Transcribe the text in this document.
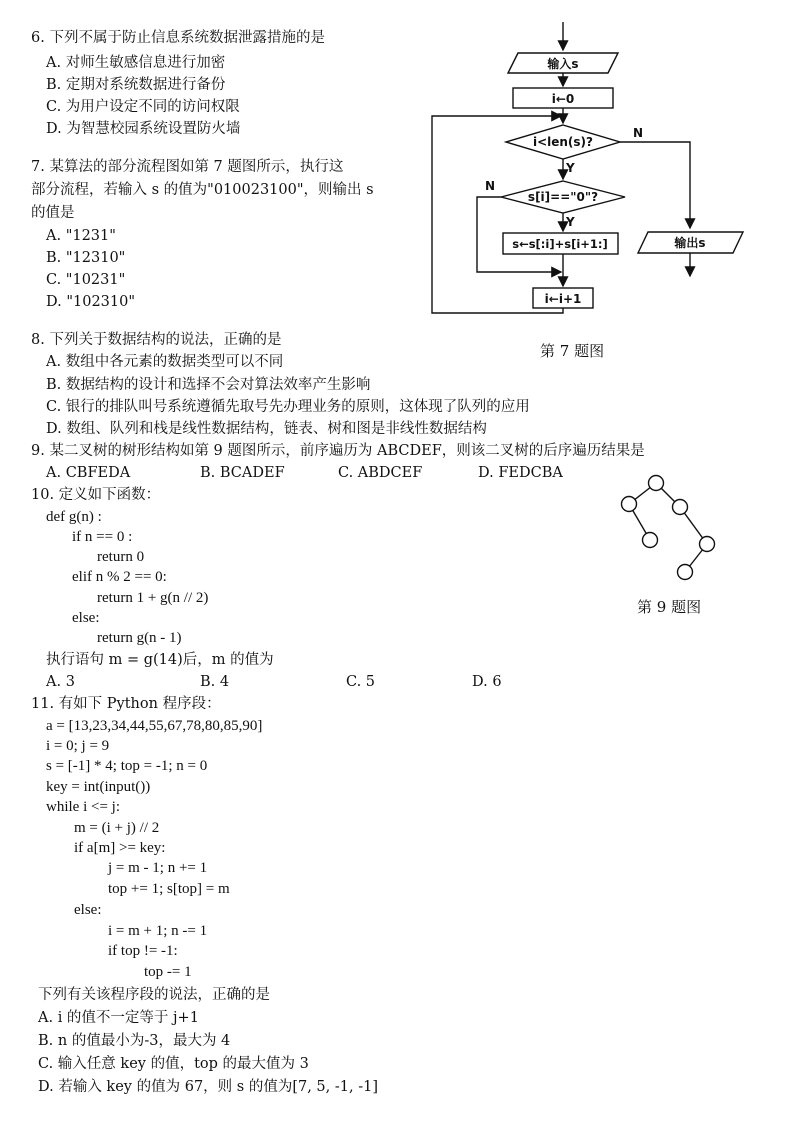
6. 下列不属于防止信息系统数据泄露措施的是
A. 对师生敏感信息进行加密
B. 定期对系统数据进行备份
C. 为用户设定不同的访问权限
D. 为智慧校园系统设置防火墙
7. 某算法的部分流程图如第 7 题图所示，执行这
部分流程，若输入 s 的值为"010023100"，则输出 s
的值是
A. "1231"
B. "12310"
C. "10231"
D. "102310"
输入s
i←0
i<len(s)?
s[i]=="0"?
s←s[:i]+s[i+1:]
i←i+1
输出s
Y
Y
N
N
第 7 题图
8. 下列关于数据结构的说法，正确的是
A. 数组中各元素的数据类型可以不同
B. 数据结构的设计和选择不会对算法效率产生影响
C. 银行的排队叫号系统遵循先取号先办理业务的原则，这体现了队列的应用
D. 数组、队列和栈是线性数据结构，链表、树和图是非线性数据结构
9. 某二叉树的树形结构如第 9 题图所示，前序遍历为 ABCDEF，则该二叉树的后序遍历结果是
A. CBFEDA	B. BCADEF	C. ABDCEF	D. FEDCBA
第 9 题图
10. 定义如下函数：
def g(n) :
if n == 0 :
return 0
elif n % 2 == 0:
return 1 + g(n // 2)
else:
return g(n - 1)
执行语句 m = g(14)后，m 的值为
A. 3	B. 4	C. 5	D. 6
11. 有如下 Python 程序段：
a = [13,23,34,44,55,67,78,80,85,90]
i = 0; j = 9
s = [-1] * 4; top = -1; n = 0
key = int(input())
while i <= j:
m = (i + j) // 2
if a[m] >= key:
j = m - 1; n += 1
top += 1; s[top] = m
else:
i = m + 1; n -= 1
if top != -1:
top -= 1
下列有关该程序段的说法，正确的是
A. i 的值不一定等于 j+1
B. n 的值最小为-3，最大为 4
C. 输入任意 key 的值，top 的最大值为 3
D. 若输入 key 的值为 67，则 s 的值为[7, 5, -1, -1]
